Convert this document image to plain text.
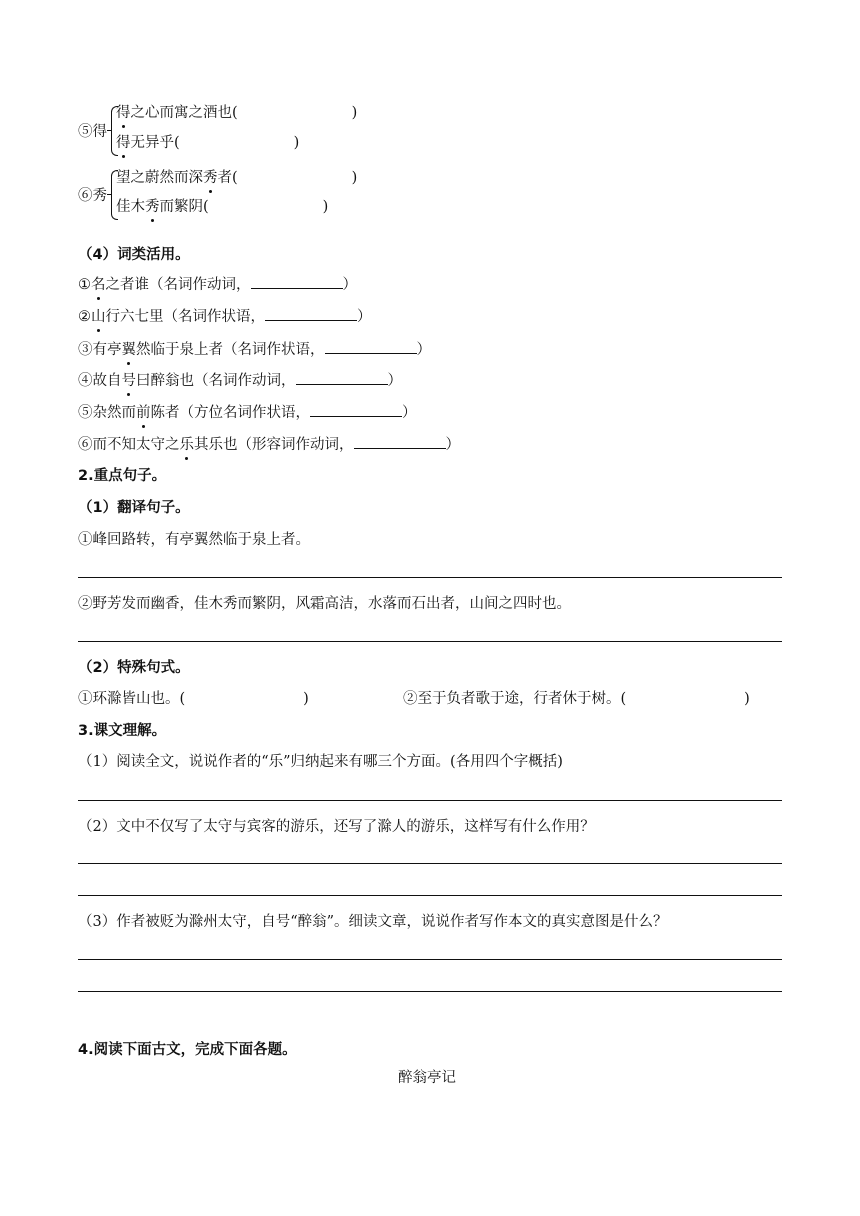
⑤得
得之心而寓之酒也(	)
得无异乎(	)
⑥秀
望之蔚然而深秀者(	)
佳木秀而繁阴(	)
（4）词类活用。
①名之者谁（名词作动词，	）
②山行六七里（名词作状语，	）
③有亭翼然临于泉上者（名词作状语，	）
④故自号曰醉翁也（名词作动词，	）
⑤杂然而前陈者（方位名词作状语，	）
⑥而不知太守之乐其乐也（形容词作动词，	）
2.重点句子。
（1）翻译句子。
①峰回路转，有亭翼然临于泉上者。
②野芳发而幽香，佳木秀而繁阴，风霜高洁，水落而石出者，山间之四时也。
（2）特殊句式。
①环滁皆山也。(	)	②至于负者歌于途，行者休于树。(	)
3.课文理解。
（1）阅读全文，说说作者的“乐”归纳起来有哪三个方面。(各用四个字概括)
（2）文中不仅写了太守与宾客的游乐，还写了滁人的游乐，这样写有什么作用？
（3）作者被贬为滁州太守，自号“醉翁”。细读文章，说说作者写作本文的真实意图是什么？
4.阅读下面古文，完成下面各题。
醉翁亭记
